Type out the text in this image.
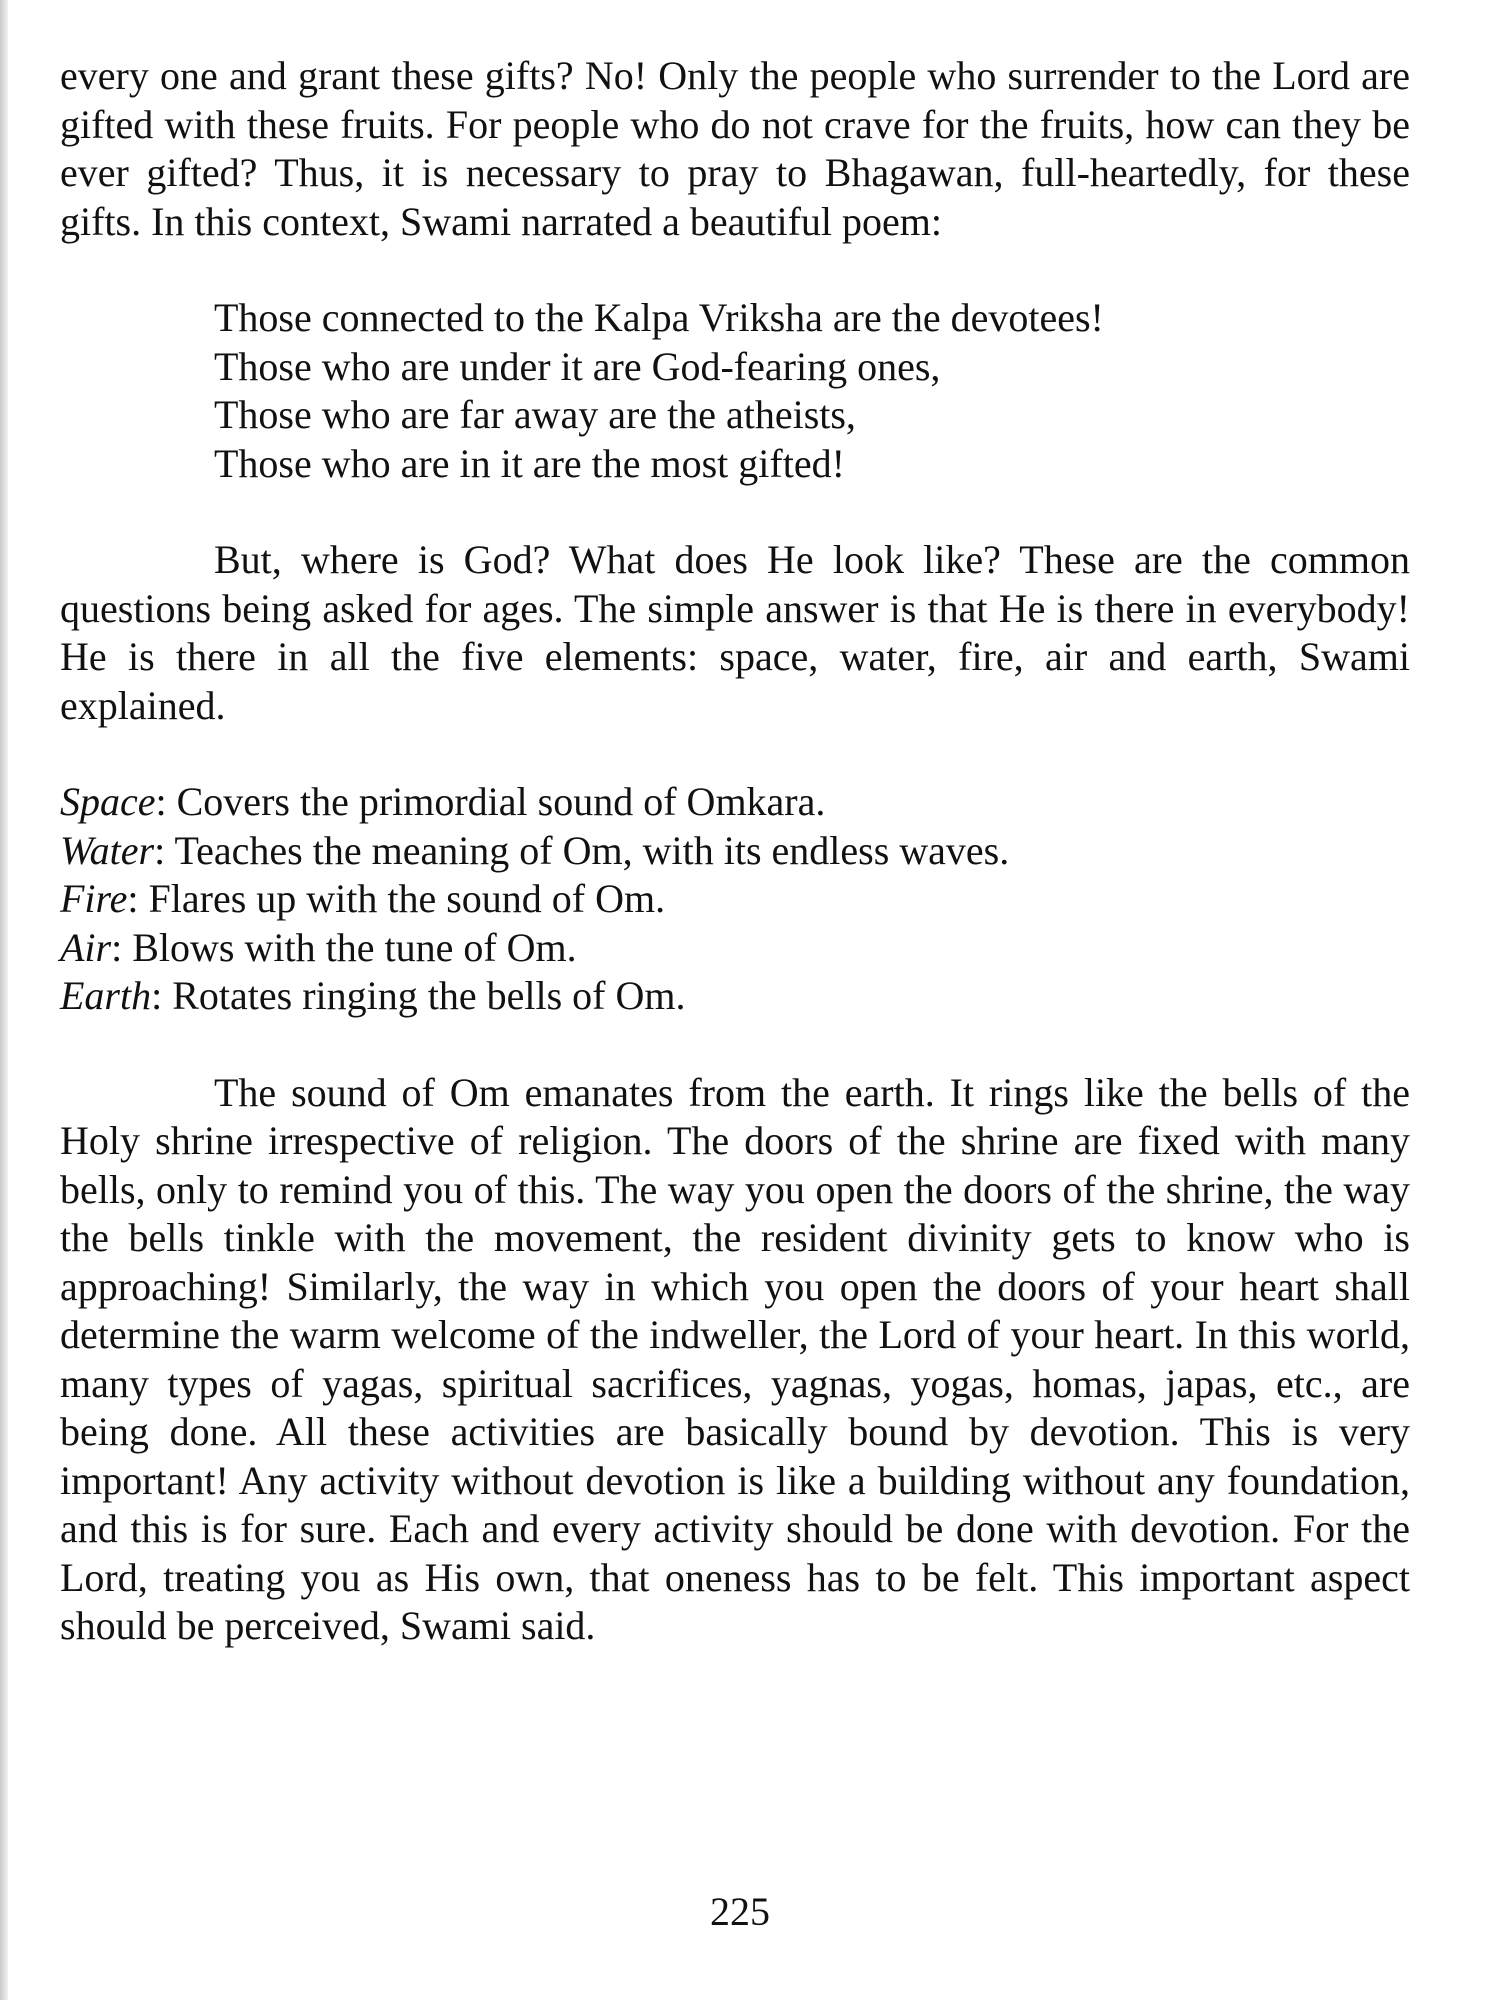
every one and grant these gifts? No! Only the people who surrender to the Lord are gifted with these fruits. For people who do not crave for the fruits, how can they be ever gifted? Thus, it is necessary to pray to Bhagawan, full-heartedly, for these gifts. In this context, Swami narrated a beautiful poem:

Those connected to the Kalpa Vriksha are the devotees!
Those who are under it are God-fearing ones,
Those who are far away are the atheists,
Those who are in it are the most gifted!

But, where is God? What does He look like? These are the common questions being asked for ages. The simple answer is that He is there in everybody! He is there in all the five elements: space, water, fire, air and earth, Swami explained.

Space: Covers the primordial sound of Omkara.
Water: Teaches the meaning of Om, with its endless waves.
Fire: Flares up with the sound of Om.
Air: Blows with the tune of Om.
Earth: Rotates ringing the bells of Om.

The sound of Om emanates from the earth. It rings like the bells of the Holy shrine irrespective of religion. The doors of the shrine are fixed with many bells, only to remind you of this. The way you open the doors of the shrine, the way the bells tinkle with the movement, the resident divinity gets to know who is approaching! Similarly, the way in which you open the doors of your heart shall determine the warm welcome of the indweller, the Lord of your heart. In this world, many types of yagas, spiritual sacrifices, yagnas, yogas, homas, japas, etc., are being done. All these activities are basically bound by devotion. This is very important! Any activity without devotion is like a building without any foundation, and this is for sure. Each and every activity should be done with devotion. For the Lord, treating you as His own, that oneness has to be felt. This important aspect should be perceived, Swami said.

225
